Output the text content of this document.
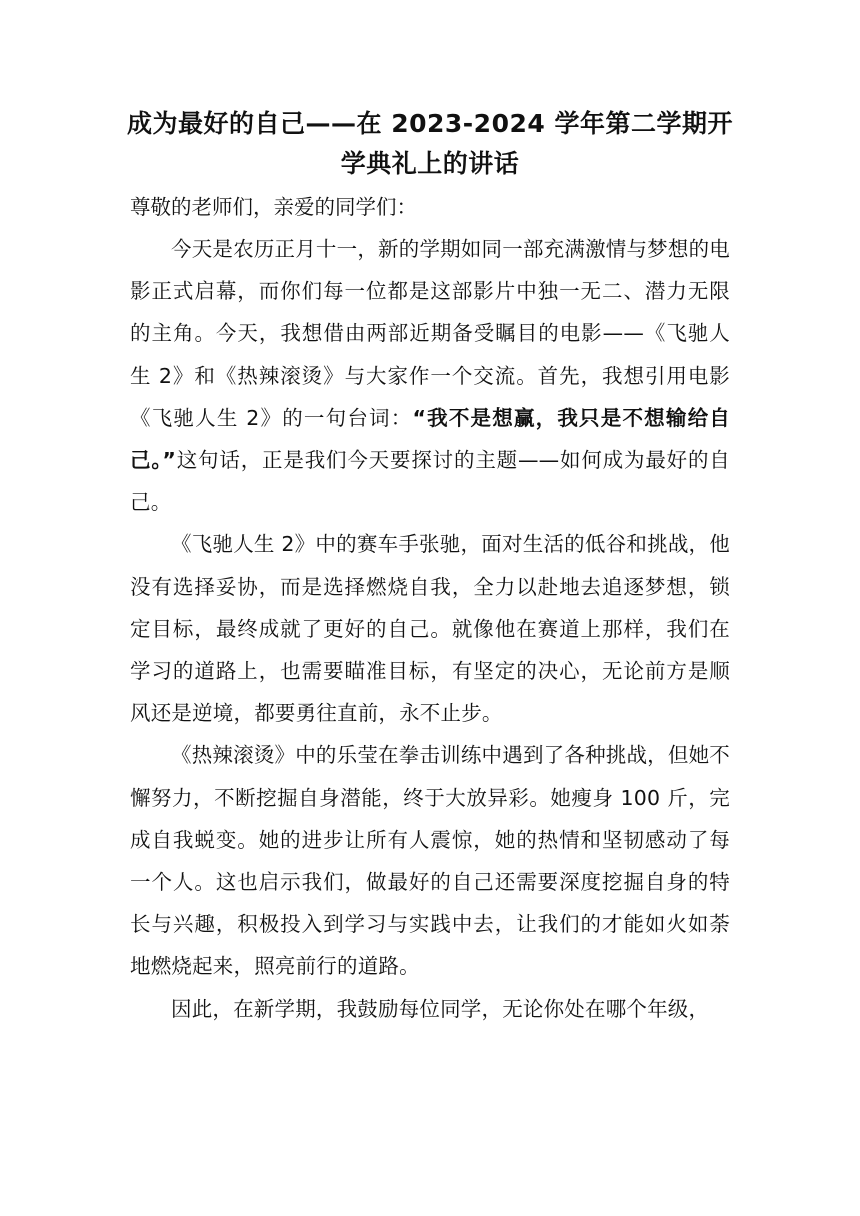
成为最好的自己——在 2023-2024 学年第二学期开学典礼上的讲话
尊敬的老师们，亲爱的同学们：

今天是农历正月十一，新的学期如同一部充满激情与梦想的电影正式启幕，而你们每一位都是这部影片中独一无二、潜力无限的主角。今天，我想借由两部近期备受瞩目的电影——《飞驰人生 2》和《热辣滚烫》与大家作一个交流。首先，我想引用电影《飞驰人生 2》的一句台词：“我不是想赢，我只是不想输给自己。”这句话，正是我们今天要探讨的主题——如何成为最好的自己。

《飞驰人生 2》中的赛车手张驰，面对生活的低谷和挑战，他没有选择妥协，而是选择燃烧自我，全力以赴地去追逐梦想，锁定目标，最终成就了更好的自己。就像他在赛道上那样，我们在学习的道路上，也需要瞄准目标，有坚定的决心，无论前方是顺风还是逆境，都要勇往直前，永不止步。

《热辣滚烫》中的乐莹在拳击训练中遇到了各种挑战，但她不懈努力，不断挖掘自身潜能，终于大放异彩。她瘦身 100 斤，完成自我蜕变。她的进步让所有人震惊，她的热情和坚韧感动了每一个人。这也启示我们，做最好的自己还需要深度挖掘自身的特长与兴趣，积极投入到学习与实践中去，让我们的才能如火如荼地燃烧起来，照亮前行的道路。

因此，在新学期，我鼓励每位同学，无论你处在哪个年级，
